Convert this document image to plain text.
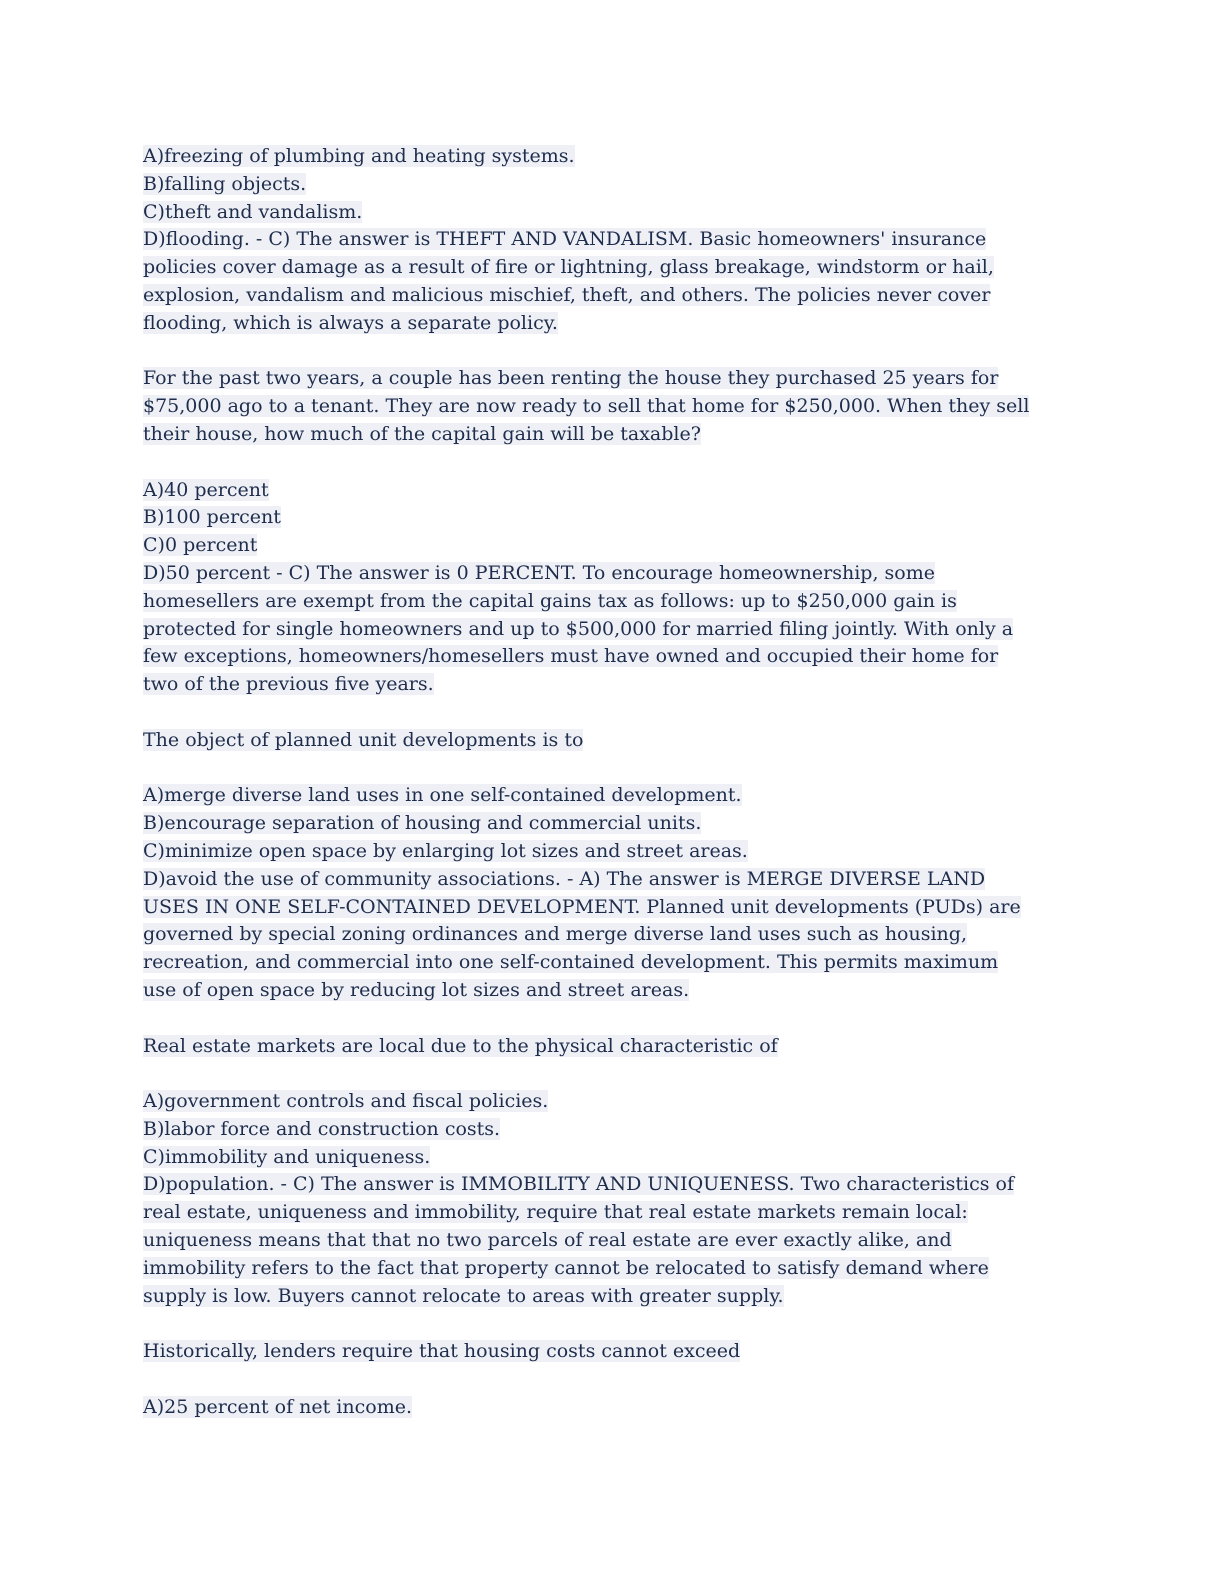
A)freezing of plumbing and heating systems.
B)falling objects.
C)theft and vandalism.
D)flooding. - C) The answer is THEFT AND VANDALISM. Basic homeowners' insurance
policies cover damage as a result of fire or lightning, glass breakage, windstorm or hail,
explosion, vandalism and malicious mischief, theft, and others. The policies never cover
flooding, which is always a separate policy.
For the past two years, a couple has been renting the house they purchased 25 years for
$75,000 ago to a tenant. They are now ready to sell that home for $250,000. When they sell
their house, how much of the capital gain will be taxable?
A)40 percent
B)100 percent
C)0 percent
D)50 percent - C) The answer is 0 PERCENT. To encourage homeownership, some
homesellers are exempt from the capital gains tax as follows: up to $250,000 gain is
protected for single homeowners and up to $500,000 for married filing jointly. With only a
few exceptions, homeowners/homesellers must have owned and occupied their home for
two of the previous five years.
The object of planned unit developments is to
A)merge diverse land uses in one self-contained development.
B)encourage separation of housing and commercial units.
C)minimize open space by enlarging lot sizes and street areas.
D)avoid the use of community associations. - A) The answer is MERGE DIVERSE LAND
USES IN ONE SELF-CONTAINED DEVELOPMENT. Planned unit developments (PUDs) are
governed by special zoning ordinances and merge diverse land uses such as housing,
recreation, and commercial into one self-contained development. This permits maximum
use of open space by reducing lot sizes and street areas.
Real estate markets are local due to the physical characteristic of
A)government controls and fiscal policies.
B)labor force and construction costs.
C)immobility and uniqueness.
D)population. - C) The answer is IMMOBILITY AND UNIQUENESS. Two characteristics of
real estate, uniqueness and immobility, require that real estate markets remain local:
uniqueness means that that no two parcels of real estate are ever exactly alike, and
immobility refers to the fact that property cannot be relocated to satisfy demand where
supply is low. Buyers cannot relocate to areas with greater supply.
Historically, lenders require that housing costs cannot exceed
A)25 percent of net income.
